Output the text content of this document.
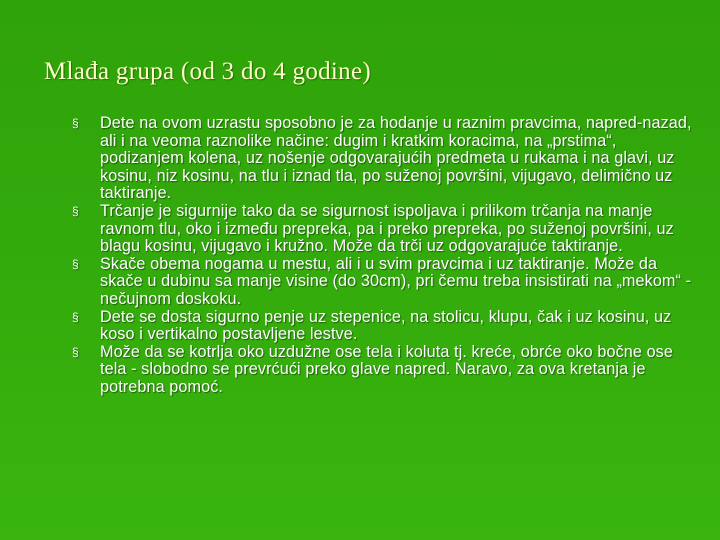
Mlađa grupa (od 3 do 4 godine)
§ Dete na ovom uzrastu sposobno je za hodanje u raznim pravcima, napred-nazad, ali i na veoma raznolike načine: dugim i kratkim koracima, na „prstima“, podizanjem kolena, uz nošenje odgovarajućih predmeta u rukama i na glavi, uz kosinu, niz kosinu, na tlu i iznad tla, po suženoj površini, vijugavo, delimično uz taktiranje.
§ Trčanje je sigurnije tako da se sigurnost ispoljava i prilikom trčanja na manje ravnom tlu, oko i između prepreka, pa i preko prepreka, po suženoj površini, uz blagu kosinu, vijugavo i kružno. Može da trči uz odgovarajuće taktiranje.
§ Skače obema nogama u mestu, ali i u svim pravcima i uz taktiranje. Može da skače u dubinu sa manje visine (do 30cm), pri čemu treba insistirati na „mekom“ - nečujnom doskoku.
§ Dete se dosta sigurno penje uz stepenice, na stolicu, klupu, čak i uz kosinu, uz koso i vertikalno postavljene lestve.
§ Može da se kotrlja oko uzdužne ose tela i koluta tj. kreće, obrće oko bočne ose tela - slobodno se prevrćući preko glave napred. Naravo, za ova kretanja je potrebna pomoć.
